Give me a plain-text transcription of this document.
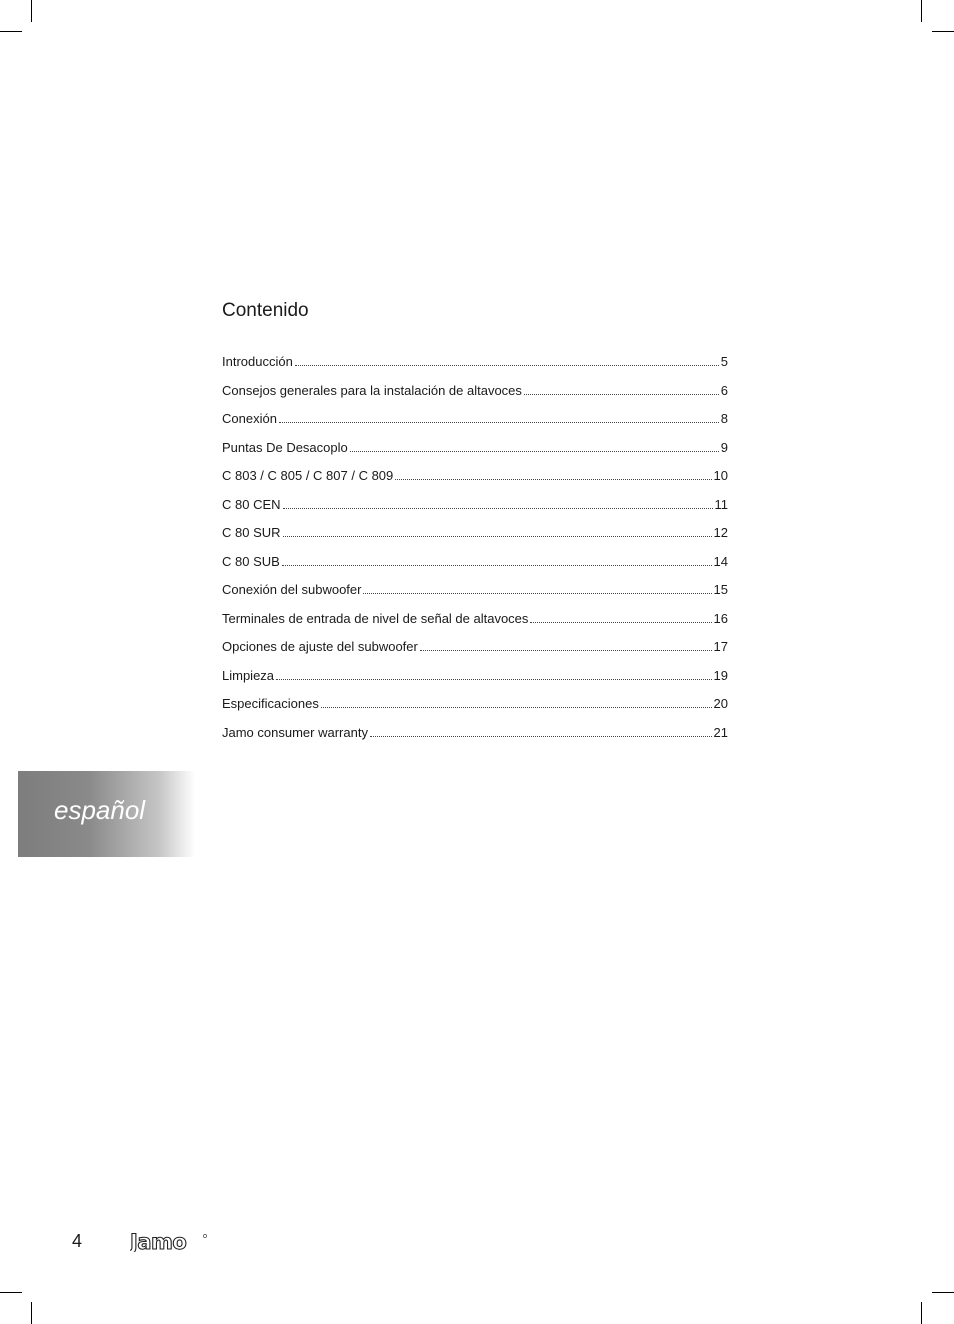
Contenido
Introducción	5
Consejos generales para la instalación de altavoces	6
Conexión	8
Puntas De Desacoplo	9
C 803 / C 805 / C 807 / C 809	10
C 80 CEN	11
C 80 SUR	12
C 80 SUB	14
Conexión del subwoofer	15
Terminales de entrada de nivel de señal de altavoces	16
Opciones de ajuste del subwoofer	17
Limpieza	19
Especificaciones	20
Jamo consumer warranty	21
español
4 Jamo
